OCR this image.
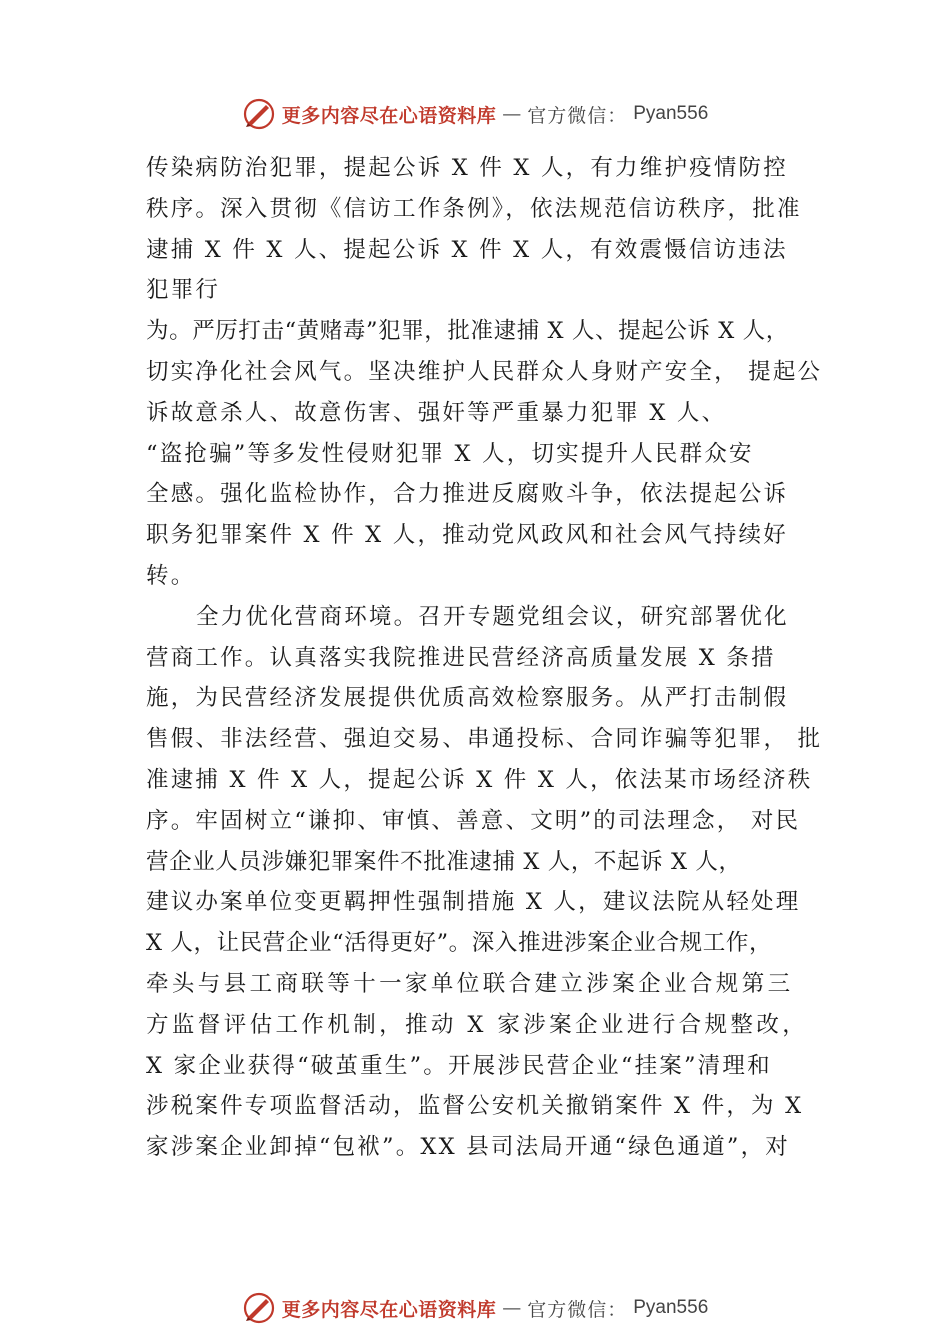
更多内容尽在心语资料库 — 官方微信： Pyan556
传染病防治犯罪，提起公诉 X 件 X 人，有力维护疫情防控
秩序。深入贯彻《信访工作条例》，依法规范信访秩序，批准
逮捕 X 件 X 人、提起公诉 X 件 X 人，有效震慑信访违法
犯罪行
为。严厉打击“黄赌毒”犯罪，批准逮捕 X 人、提起公诉 X 人，
切实净化社会风气。坚决维护人民群众人身财产安全， 提起公
诉故意杀人、故意伤害、强奸等严重暴力犯罪 X 人、
“盗抢骗”等多发性侵财犯罪 X 人，切实提升人民群众安
全感。强化监检协作，合力推进反腐败斗争，依法提起公诉
职务犯罪案件 X 件 X 人，推动党风政风和社会风气持续好
转。
全力优化营商环境。召开专题党组会议，研究部署优化
营商工作。认真落实我院推进民营经济高质量发展 X 条措
施，为民营经济发展提供优质高效检察服务。从严打击制假
售假、非法经营、强迫交易、串通投标、合同诈骗等犯罪， 批
准逮捕 X 件 X 人，提起公诉 X 件 X 人，依法某市场经济秩
序。牢固树立“谦抑、审慎、善意、文明”的司法理念， 对民
营企业人员涉嫌犯罪案件不批准逮捕 X 人，不起诉 X 人，
建议办案单位变更羁押性强制措施 X 人，建议法院从轻处理
X 人，让民营企业“活得更好”。深入推进涉案企业合规工作，
牵头与县工商联等十一家单位联合建立涉案企业合规第三
方监督评估工作机制，推动 X 家涉案企业进行合规整改，
X 家企业获得“破茧重生”。开展涉民营企业“挂案”清理和
涉税案件专项监督活动，监督公安机关撤销案件 X 件，为 X
家涉案企业卸掉“包袱”。XX 县司法局开通“绿色通道”，对
更多内容尽在心语资料库 — 官方微信： Pyan556
